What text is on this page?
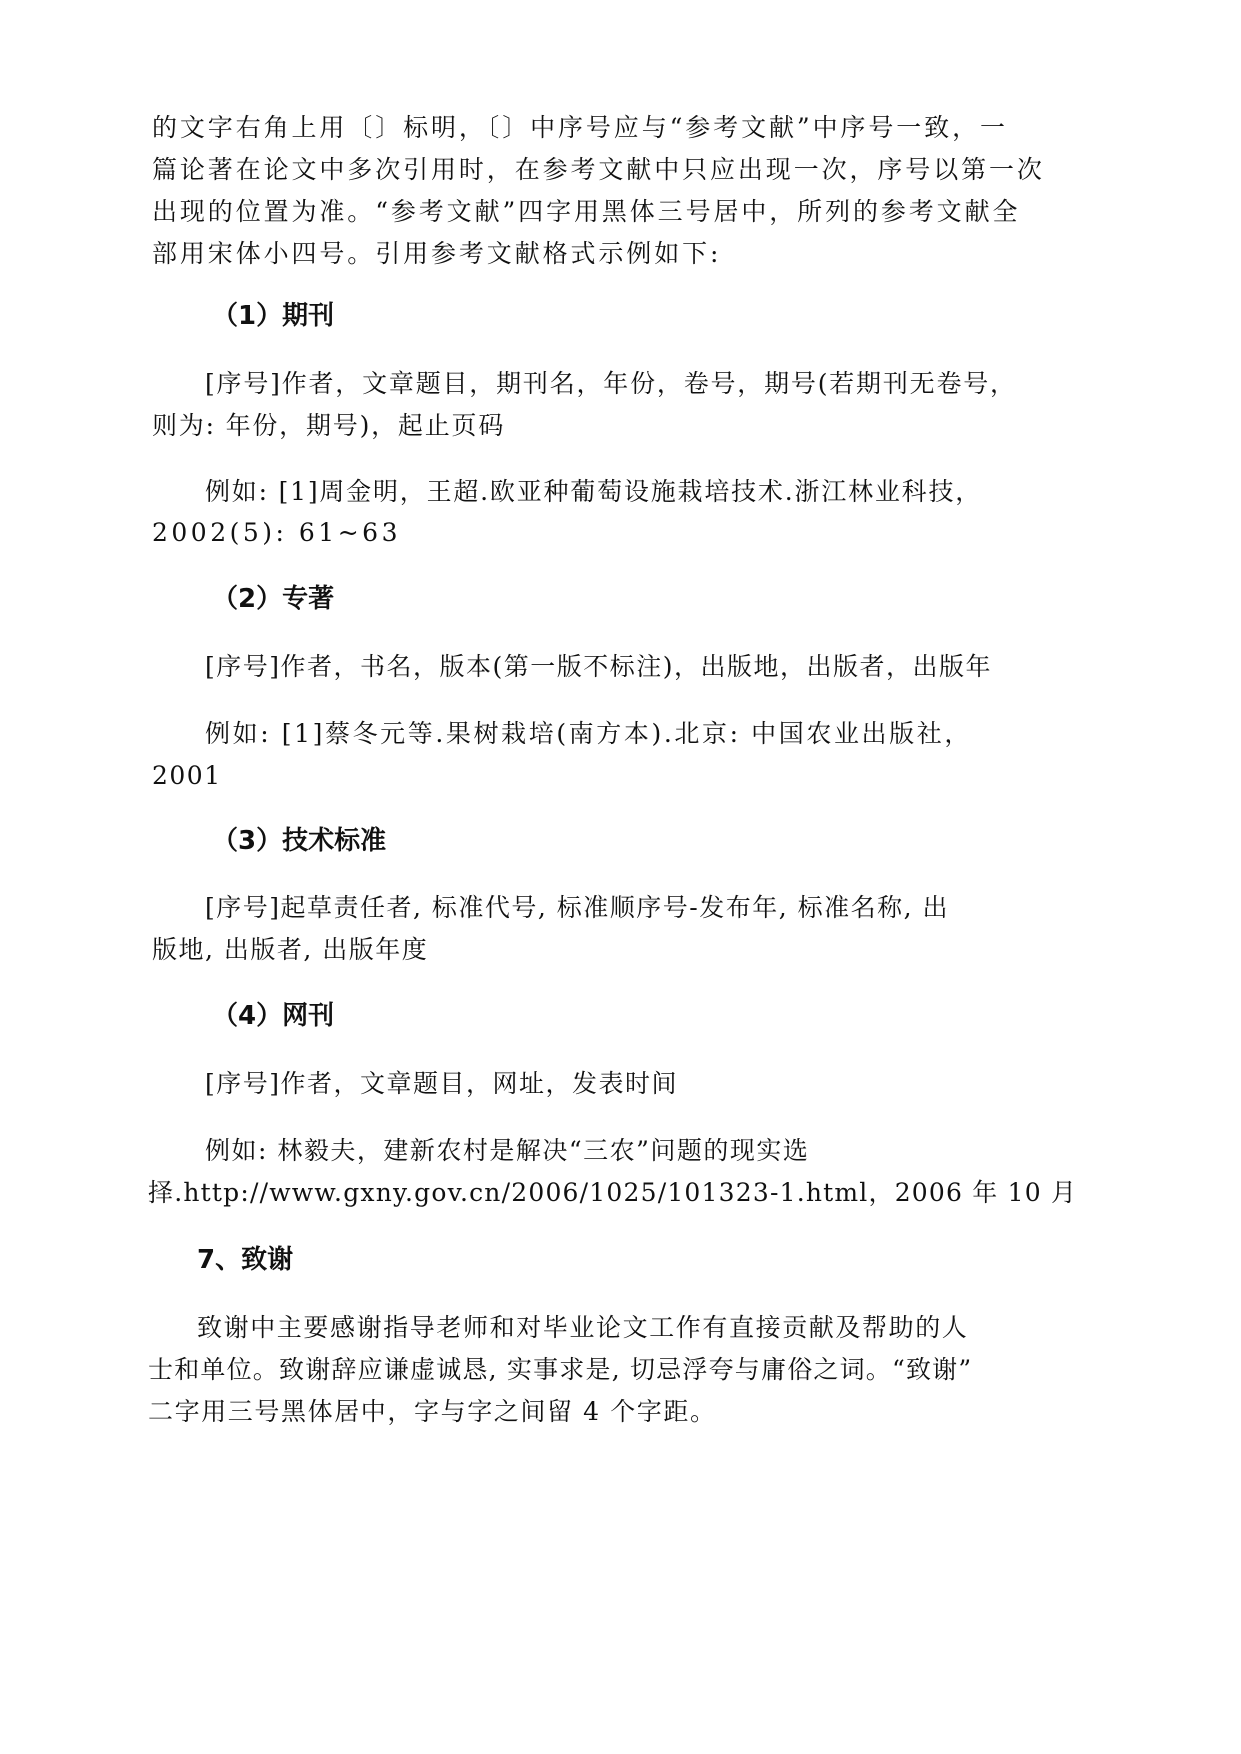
的文字右角上用〔〕标明，〔〕中序号应与“参考文献”中序号一致，一
篇论著在论文中多次引用时，在参考文献中只应出现一次，序号以第一次
出现的位置为准。“参考文献”四字用黑体三号居中，所列的参考文献全
部用宋体小四号。引用参考文献格式示例如下:
（1）期刊
[序号]作者，文章题目，期刊名，年份，卷号，期号(若期刊无卷号，
则为: 年份，期号)，起止页码
例如: [1]周金明，王超.欧亚种葡萄设施栽培技术.浙江林业科技，
2002(5): 61~63
（2）专著
[序号]作者，书名，版本(第一版不标注)，出版地，出版者，出版年
例如: [1]蔡冬元等.果树栽培(南方本).北京: 中国农业出版社，
2001
（3）技术标准
[序号]起草责任者, 标准代号, 标准顺序号-发布年, 标准名称, 出
版地, 出版者, 出版年度
（4）网刊
[序号]作者，文章题目，网址，发表时间
例如: 林毅夫，建新农村是解决“三农”问题的现实选
择.http://www.gxny.gov.cn/2006/1025/101323-1.html，2006 年 10 月
7、致谢
致谢中主要感谢指导老师和对毕业论文工作有直接贡献及帮助的人
士和单位。致谢辞应谦虚诚恳, 实事求是, 切忌浮夸与庸俗之词。“致谢”
二字用三号黑体居中，字与字之间留 4 个字距。
